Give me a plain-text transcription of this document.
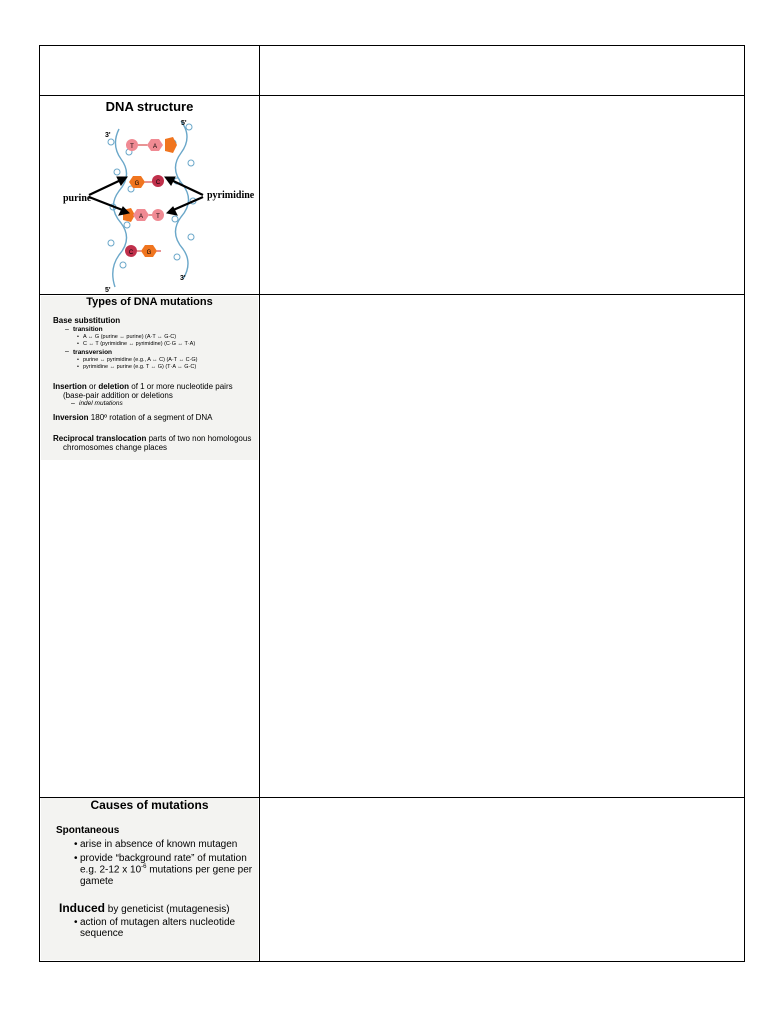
DNA structure
T	A
G	C
A T
C G
3'
5'
5'
3'
purine	pyrimidine
Types of DNA mutations
Base substitution
– transition
• A ↔ G (purine ↔ purine) (A·T ↔ G·C)
• C ↔ T (pyrimidine ↔ pyrimidine) (C·G ↔ T·A)
– transversion
• purine ↔ pyrimidine (e.g., A ↔ C) (A·T ↔ C·G)
• pyrimidine ↔ purine (e.g. T ↔ G) (T·A ↔ G·C)
Insertion or deletion of 1 or more nucleotide pairs
(base-pair addition or deletions
– indel mutations
Inversion 180º rotation of a segment of DNA
Reciprocal translocation parts of two non homologous
chromosomes change places
Causes of mutations
Spontaneous
• arise in absence of known mutagen
• provide “background rate” of mutation
e.g. 2-12 x $10^{-6}$ mutations per gene per
gamete
Induced by geneticist (mutagenesis)
• action of mutagen alters nucleotide
sequence
